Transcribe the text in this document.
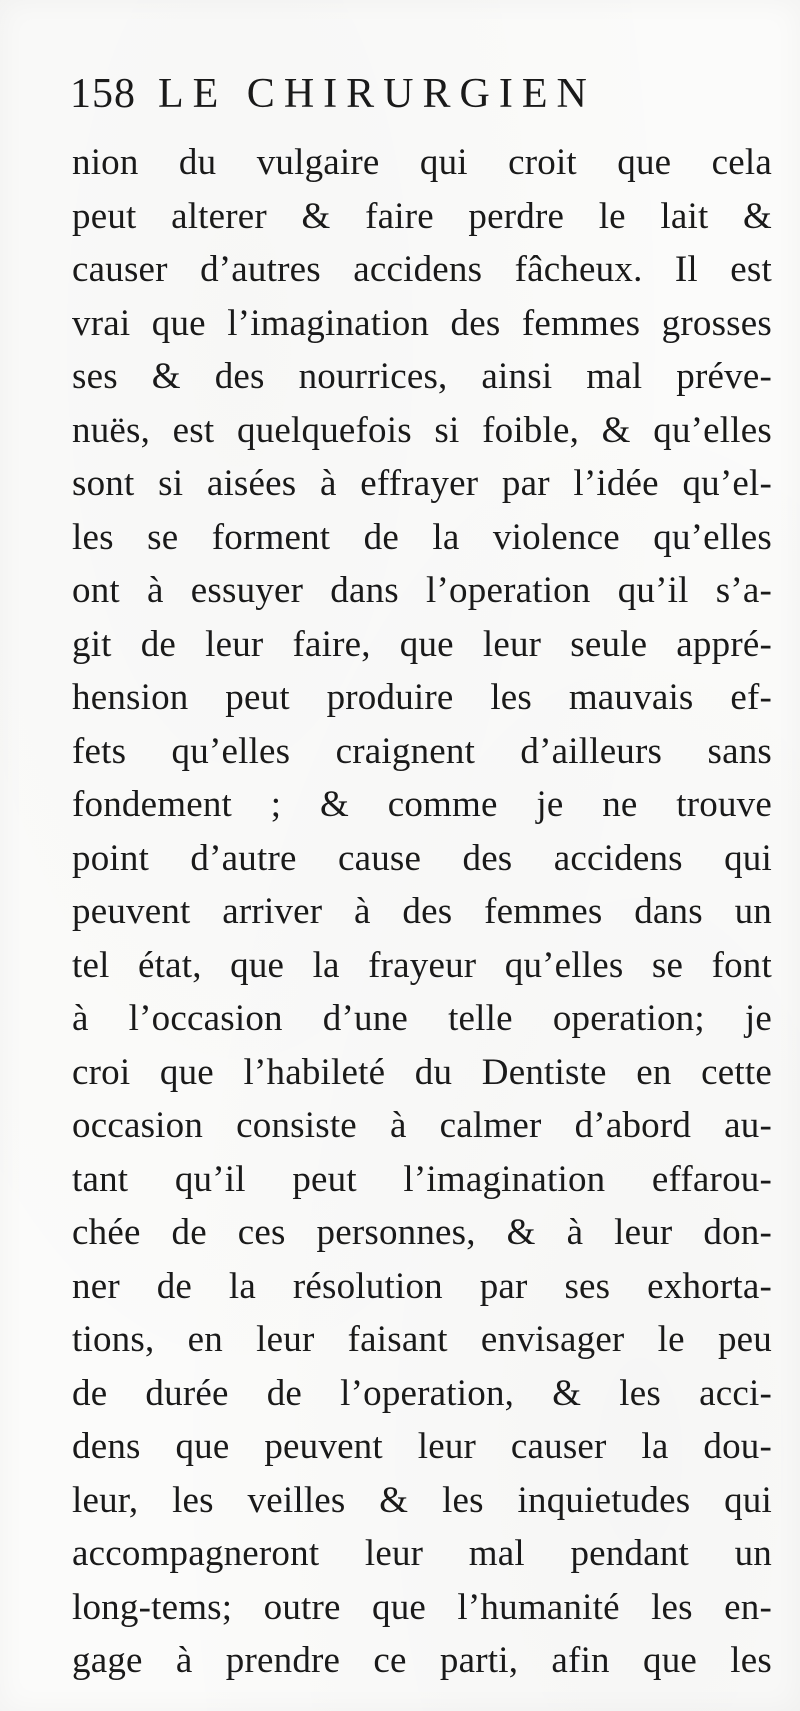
158 LE CHIRURGIEN
nion du vulgaire qui croit que cela
peut alterer & faire perdre le lait &
causer d’autres accidens fâcheux. Il est
vrai que l’imagination des femmes grosses
ses & des nourrices, ainsi mal préve-
nuës, est quelquefois si foible, & qu’elles
sont si aisées à effrayer par l’idée qu’el-
les se forment de la violence qu’elles
ont à essuyer dans l’operation qu’il s’a-
git de leur faire, que leur seule appré-
hension peut produire les mauvais ef-
fets qu’elles craignent d’ailleurs sans
fondement ; & comme je ne trouve
point d’autre cause des accidens qui
peuvent arriver à des femmes dans un
tel état, que la frayeur qu’elles se font
à l’occasion d’une telle operation; je
croi que l’habileté du Dentiste en cette
occasion consiste à calmer d’abord au-
tant qu’il peut l’imagination effarou-
chée de ces personnes, & à leur don-
ner de la résolution par ses exhorta-
tions, en leur faisant envisager le peu
de durée de l’operation, & les acci-
dens que peuvent leur causer la dou-
leur, les veilles & les inquietudes qui
accompagneront leur mal pendant un
long-tems; outre que l’humanité les en-
gage à prendre ce parti, afin que les
